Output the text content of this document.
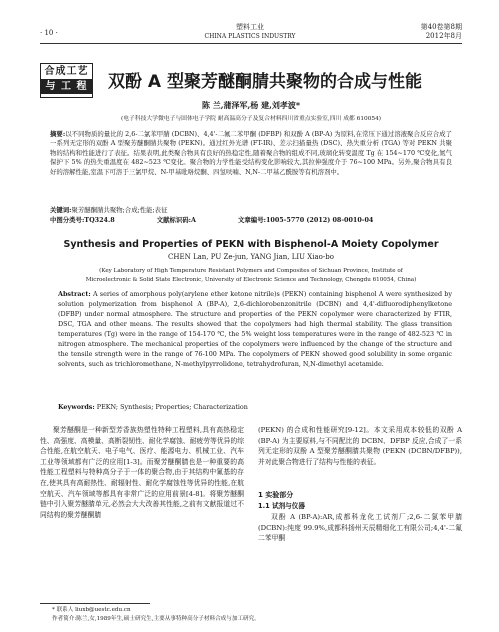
· 10 ·
塑料工业
CHINA PLASTICS INDUSTRY
第40卷第8期
2012年8月
合成工艺
与 工 程 双酚 A 型聚芳醚酮腈共聚物的合成与性能
陈 兰,蒲泽军,杨 建,刘孝波*
(电子科技大学微电子与固体电子学院 耐高温高分子及复合材料四川省重点实验室,四川 成都 610054)
摘要:以不同物质的量比的 2,6-二氯苯甲腈 (DCBN)、4,4'-二氟二苯甲酮 (DFBP) 和双酚 A (BP-A) 为原料,在常压下通过溶液聚合反应合成了一系列无定形的双酚 A 型聚芳醚酮腈共聚物 (PEKN)。通过红外光谱 (FT-IR)、差示扫描量热 (DSC)、热失重分析 (TGA) 等对 PEKN 共聚物的结构和性能进行了表征。结果表明,此类聚合物具有良好的热稳定性,随着聚合物的组成不同,玻璃化转变温度 Tg 在 154~170 ℃变化,氮气保护下 5% 的热失重温度在 482~523 ℃变化。聚合物的力学性能受结构变化影响较大,其拉伸强度介于 76~100 MPa。另外,聚合物具有良好的溶解性能,室温下可溶于三氯甲烷、N-甲基吡咯烷酮、四氢呋喃、N,N-二甲基乙酰胺等有机溶剂中。
关键词:聚芳醚酮腈共聚物;合成;性能;表征
中图分类号:TQ324.8	文献标识码:A	文章编号:1005-5770 (2012) 08-0010-04
Synthesis and Properties of PEKN with Bisphenol-A Moiety Copolymer
CHEN Lan, PU Ze-jun, YANG Jian, LIU Xiao-bo
(Key Laboratory of High Temperature Resistant Polymers and Composites of Sichuan Province, Institute of
Microelectronic & Solid State Electronic, University of Electronic Science and Technology, Chengdu 610054, China)
Abstract: A series of amorphous poly(arylene ether ketone nitrile)s (PEKN) containing bisphenol A were synthesized by solution polymerization from bisphenol A (BP-A), 2,6-dichlorobenzonitrile (DCBN) and 4,4'-difluorodiphenylketone (DFBP) under normal atmosphere. The structure and properties of the PEKN copolymer were characterized by FTIR, DSC, TGA and other means. The results showed that the copolymers had high thermal stability. The glass transition temperatures (Tg) were in the range of 154-170 ℃, the 5% weight loss temperatures were in the range of 482-523 ℃ in nitrogen atmosphere. The mechanical properties of the copolymers were influenced by the change of the structure and the tensile strength were in the range of 76-100 MPa. The copolymers of PEKN showed good solubility in some organic solvents, such as trichloromethane, N-methylpyrrolidone, tetrahydrofuran, N,N-dimethyl acetamide.
Keywords: PEKN; Synthesis; Properties; Characterization
聚芳醚酮是一种新型芳香族热塑性特种工程塑料,具有高热稳定性、高强度、高模量、高断裂韧性、耐化学腐蚀、耐疲劳等优异的综合性能,在航空航天、电子电气、医疗、能源电力、机械工业、汽车工业等领域都有广泛的应用[1-3]。而聚芳醚酮腈也是一种重要的高性能工程塑料与特种高分子于一体的聚合物,由于其结构中氰基的存在,使其具有高耐热性、耐辐射性、耐化学腐蚀性等优异的性能,在航空航天、汽车领域等都具有非常广泛的应用前景[4-8]。将聚芳醚酮链中引入聚芳醚腈单元,必然会大大改善其性能,之前有文献报道过不同结构的聚芳醚酮腈
(PEKN) 的合成和性能研究[9-12]。本文采用成本较低的双酚 A (BP-A) 为主要原料,与不同配比的 DCBN、DFBP 反应,合成了一系列无定形的双酚 A 型聚芳醚酮腈共聚物 (PEKN (DCBN/DFBP)),并对此聚合物进行了结构与性能的表征。
1 实验部分
1.1 试剂与仪器
双酚 A (BP-A):AR,成都科龙化工试剂厂;2,6-二氯苯甲腈 (DCBN):纯度 99.9%,成都科扬州天辰精细化工有限公司;4,4'-二氟二苯甲酮
* 联系人 liuxb@uestc.edu.cn
作者简介:陈兰,女,1989年生,硕士研究生,主要从事特种高分子材料合成与加工研究。
